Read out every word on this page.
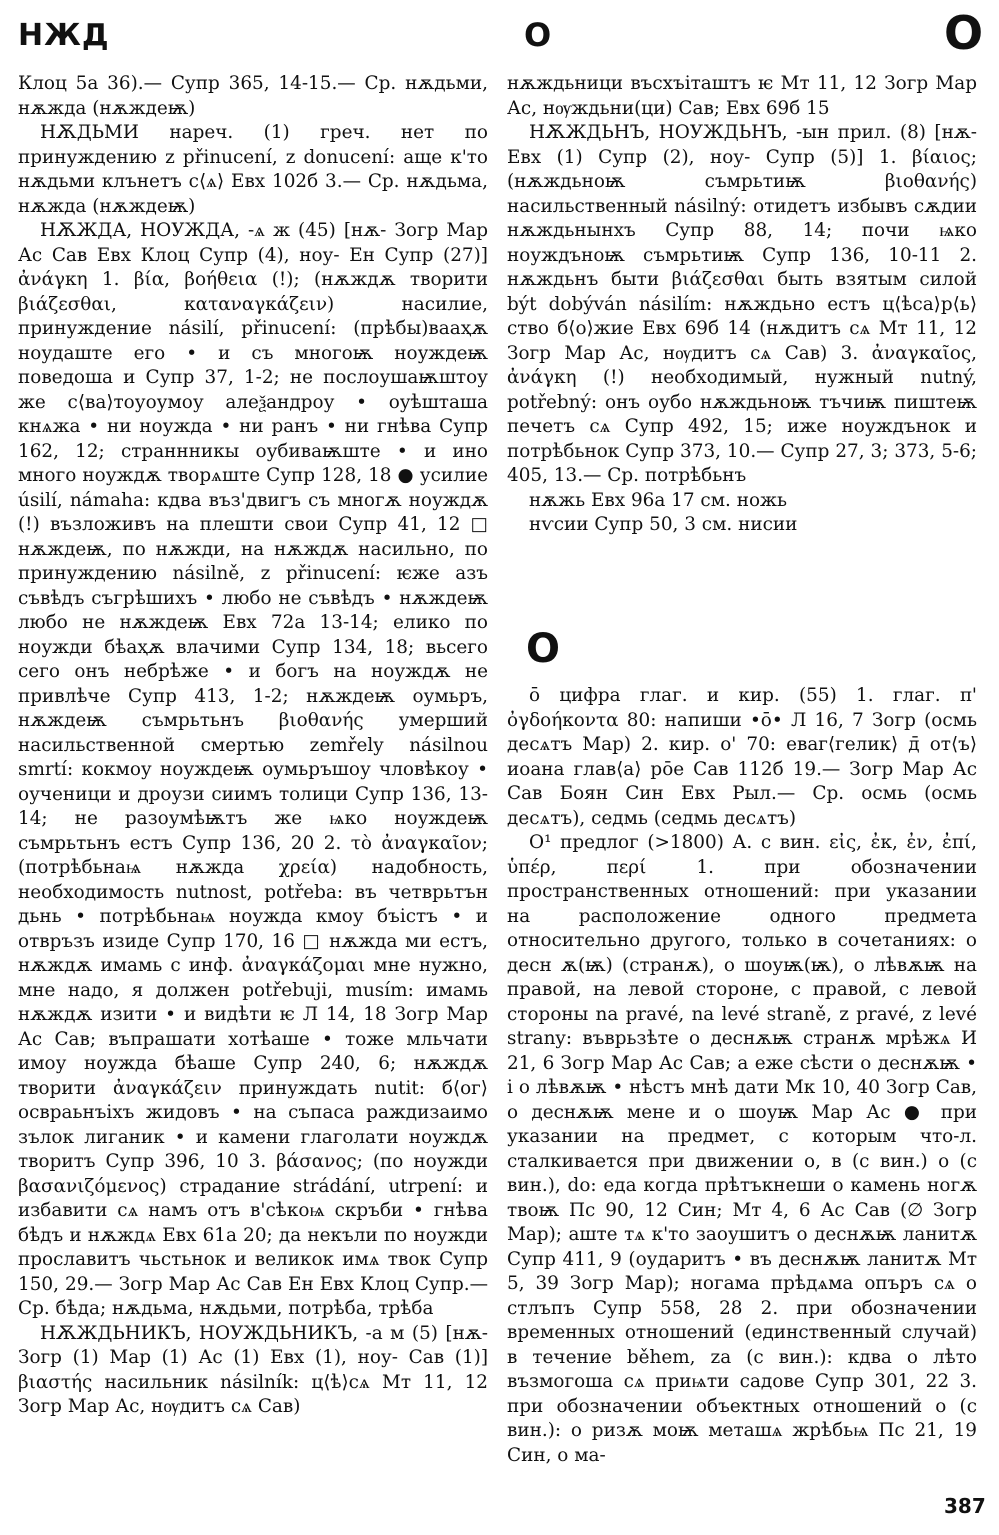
НЖД	О	О

Клоц 5а 36).— Супр 365, 14-15.— Ср. нѫдьми, нѫжда (нѫждеѭ)

НѪДЬМИ нареч. (1) греч. нет по принуждению z přinucení, z donucení: аще к'то нѫдьми клънетъ с⟨ѧ⟩ Евх 102б 3.— Ср. нѫдьма, нѫжда (нѫждеѭ)

НѪЖДА, НОУЖДА, -ѧ ж (45) [нѫ- Зогр Мар Ас Сав Евх Клоц Супр (4), ноу- Ен Супр (27)] ἀνάγκη 1. βία, βοήθεια (!); (нѫждѫ творити βιάζεσθαι, καταναγκάζειν) насилие, принуждение násilí, přinucení: (прѣбы)вааҳѫ ноудаште его • и съ многоѭ ноуждеѭ поведоша и Супр 37, 1-2; не послоушаѭштоу же с⟨ва⟩тоуоумоу алеѯандроу • оуѣшташа кнѧжа • ни ноужда • ни ранъ • ни гнѣва Супр 162, 12; страннникы оубиваѭште • и ино много ноуждѫ творѧште Супр 128, 18 ● усилие úsilí, námaha: кдва въз'двигъ съ многѫ ноуждѫ (!) възложивъ на плешти свои Супр 41, 12 □ нѫждеѭ, по нѫжди, на нѫждѫ насильно, по принуждению násilně, z přinucení: ѥже азъ съвѣдъ съгрѣшихъ • любо не съвѣдъ • нѫждеѭ любо не нѫждеѭ Евх 72а 13-14; елико по ноужди бѣаҳѫ влачими Супр 134, 18; вьсего сего онъ небрѣже • и богъ на ноуждѫ не привлѣче Супр 413, 1-2; нѫждеѭ оумьръ, нѫждеѭ съмрьтьнъ βιοθανής умерший насильственной смертью zemřely násilnou smrtí: кокмоу ноуждеѭ оумьръшоу чловѣкоу • оученици и дроузи сиимъ толици Супр 136, 13-14; не разоумѣѭтъ же ѩко ноуждеѭ съмрьтьнъ естъ Супр 136, 20 2. τὸ ἀναγκαῖον; (потрѣбьнаѩ нѫжда χρεία) надобность, необходимость nutnost, potřeba: въ четврьтън дьнь • потрѣбьнаѩ ноужда кмоу бъістъ • и отвръзъ изиде Супр 170, 16 □ нѫжда ми естъ, нѫждѫ имамь с инф. ἀναγκάζομαι мне нужно, мне надо, я должен potřebuji, musím: имамь нѫждѫ изити • и видѣти ѥ Л 14, 18 Зогр Мар Ас Сав; въпрашати хотѣаше • тоже мльчати имоу ноужда бѣаше Супр 240, 6; нѫждѫ творити ἀναγκάζειν принуждать nutit: б⟨ог⟩освраьнъіхъ жидовъ • на съпаса раждизаимо зълок лиганик • и камени глаголати ноуждѫ творитъ Супр 396, 10 3. βάσανος; (по ноужди βασανιζόμενος) страдание strádání, utrpení: и избавити сѧ намъ отъ в'сѣкоѩ скръби • гнѣва бѣдъ и нѫждѧ Евх 61а 20; да некъли по ноужди прославитъ чьстьнок и великок имѧ твок Супр 150, 29.— Зогр Мар Ас Сав Ен Евх Клоц Супр.— Ср. бѣда; нѫдьма, нѫдьми, потрѣба, трѣба

НѪЖДЬНИКЪ, НОУЖДЬНИКЪ, -а м (5) [нѫ- Зогр (1) Мар (1) Ас (1) Евх (1), ноу- Сав (1)] βιαστής насильник násilník: ц⟨ѣ⟩сѧ Мт 11, 12 Зогр Мар Ас, нѹдитъ сѧ Сав)

нѫждьници въсхъіташтъ ѥ Мт 11, 12 Зогр Мар Ас, нѹждьни(ци) Сав; Евх 69б 15

НѪЖДЬНЪ, НОУЖДЬНЪ, -ын прил. (8) [нѫ- Евх (1) Супр (2), ноу- Супр (5)] 1. βίαιος; (нѫждьноѭ съмрьтиѭ βιοθανής) насильственный násilný: отидетъ избывъ сѫдии нѫждьнынхъ Супр 88, 14; почи ѩко ноуждъноѭ съмрьтиѭ Супр 136, 10-11 2. нѫждьнъ быти βιάζεσθαι быть взятым силой být dobýván násilím: нѫждьно естъ ц⟨ѣса⟩р⟨ь⟩ство б⟨о⟩жие Евх 69б 14 (нѫдитъ сѧ Мт 11, 12 Зогр Мар Ас, нѹдитъ сѧ Сав) 3. ἀναγκαῖος, ἀνάγκη (!) необходимый, нужный nutný, potřebný: онъ оубо нѫждьноѭ тъчиѭ пиштеѭ печетъ сѧ Супр 492, 15; иже ноуждънок и потрѣбьнок Супр 373, 10.— Супр 27, 3; 373, 5-6; 405, 13.— Ср. потрѣбьнъ

нѫжь Евх 96а 17 см. ножь

нѵсии Супр 50, 3 см. нисии

О

ō цифра глаг. и кир. (55) 1. глаг. π' ὀγδοήκοντα 80: напиши •ō• Л 16, 7 Зогр (осмь десѧтъ Мар) 2. кир. ο' 70: еваг⟨гелик⟩ д̄ от⟨ъ⟩ иоана глав⟨а⟩ ро̄е Сав 112б 19.— Зогр Мар Ас Сав Боян Син Евх Рыл.— Ср. осмь (осмь десѧтъ), седмь (седмь десѧтъ)

О¹ предлог (>1800) А. с вин. εἰς, ἐκ, ἐν, ἐπί, ὑπέρ, περί 1. при обозначении пространственных отношений: при указании на расположение одного предмета относительно другого, только в сочетаниях: о десн ѫ(ѭ) (странѫ), о шоуѭ(ѭ), о лѣвѫѭ на правой, на левой стороне, с правой, с левой стороны na pravé, na levé straně, z pravé, z levé strany: въврьзѣте о деснѫѭ странѫ мрѣжѧ И 21, 6 Зогр Мар Ас Сав; а еже сѣсти о деснѫѭ • і о лѣвѫѭ • нѣстъ мнѣ дати Мк 10, 40 Зогр Сав, о деснѫѭ мене и о шоуѭ Мар Ас ● при указании на предмет, с которым что-л. сталкивается при движении о, в (с вин.) o (с вин.), do: еда когда прѣтъкнеши о камень ногѫ твоѭ Пс 90, 12 Син; Мт 4, 6 Ас Сав (∅ Зогр Мар); аште тѧ к'то заоушитъ о деснѫѭ ланитѫ Супр 411, 9 (оударитъ • въ деснѫѭ ланитѫ Мт 5, 39 Зогр Мар); ногама прѣдѧма опъръ сѧ о стлъпъ Супр 558, 28 2. при обозначении временных отношений (единственный случай) в течение během, za (с вин.): кдва о лѣто възмогоша сѧ приѩти садове Супр 301, 22 3. при обозначении объектных отношений о (с вин.): о ризѫ моѭ меташѧ жрѣбьѩ Пс 21, 19 Син, о ма-

387
